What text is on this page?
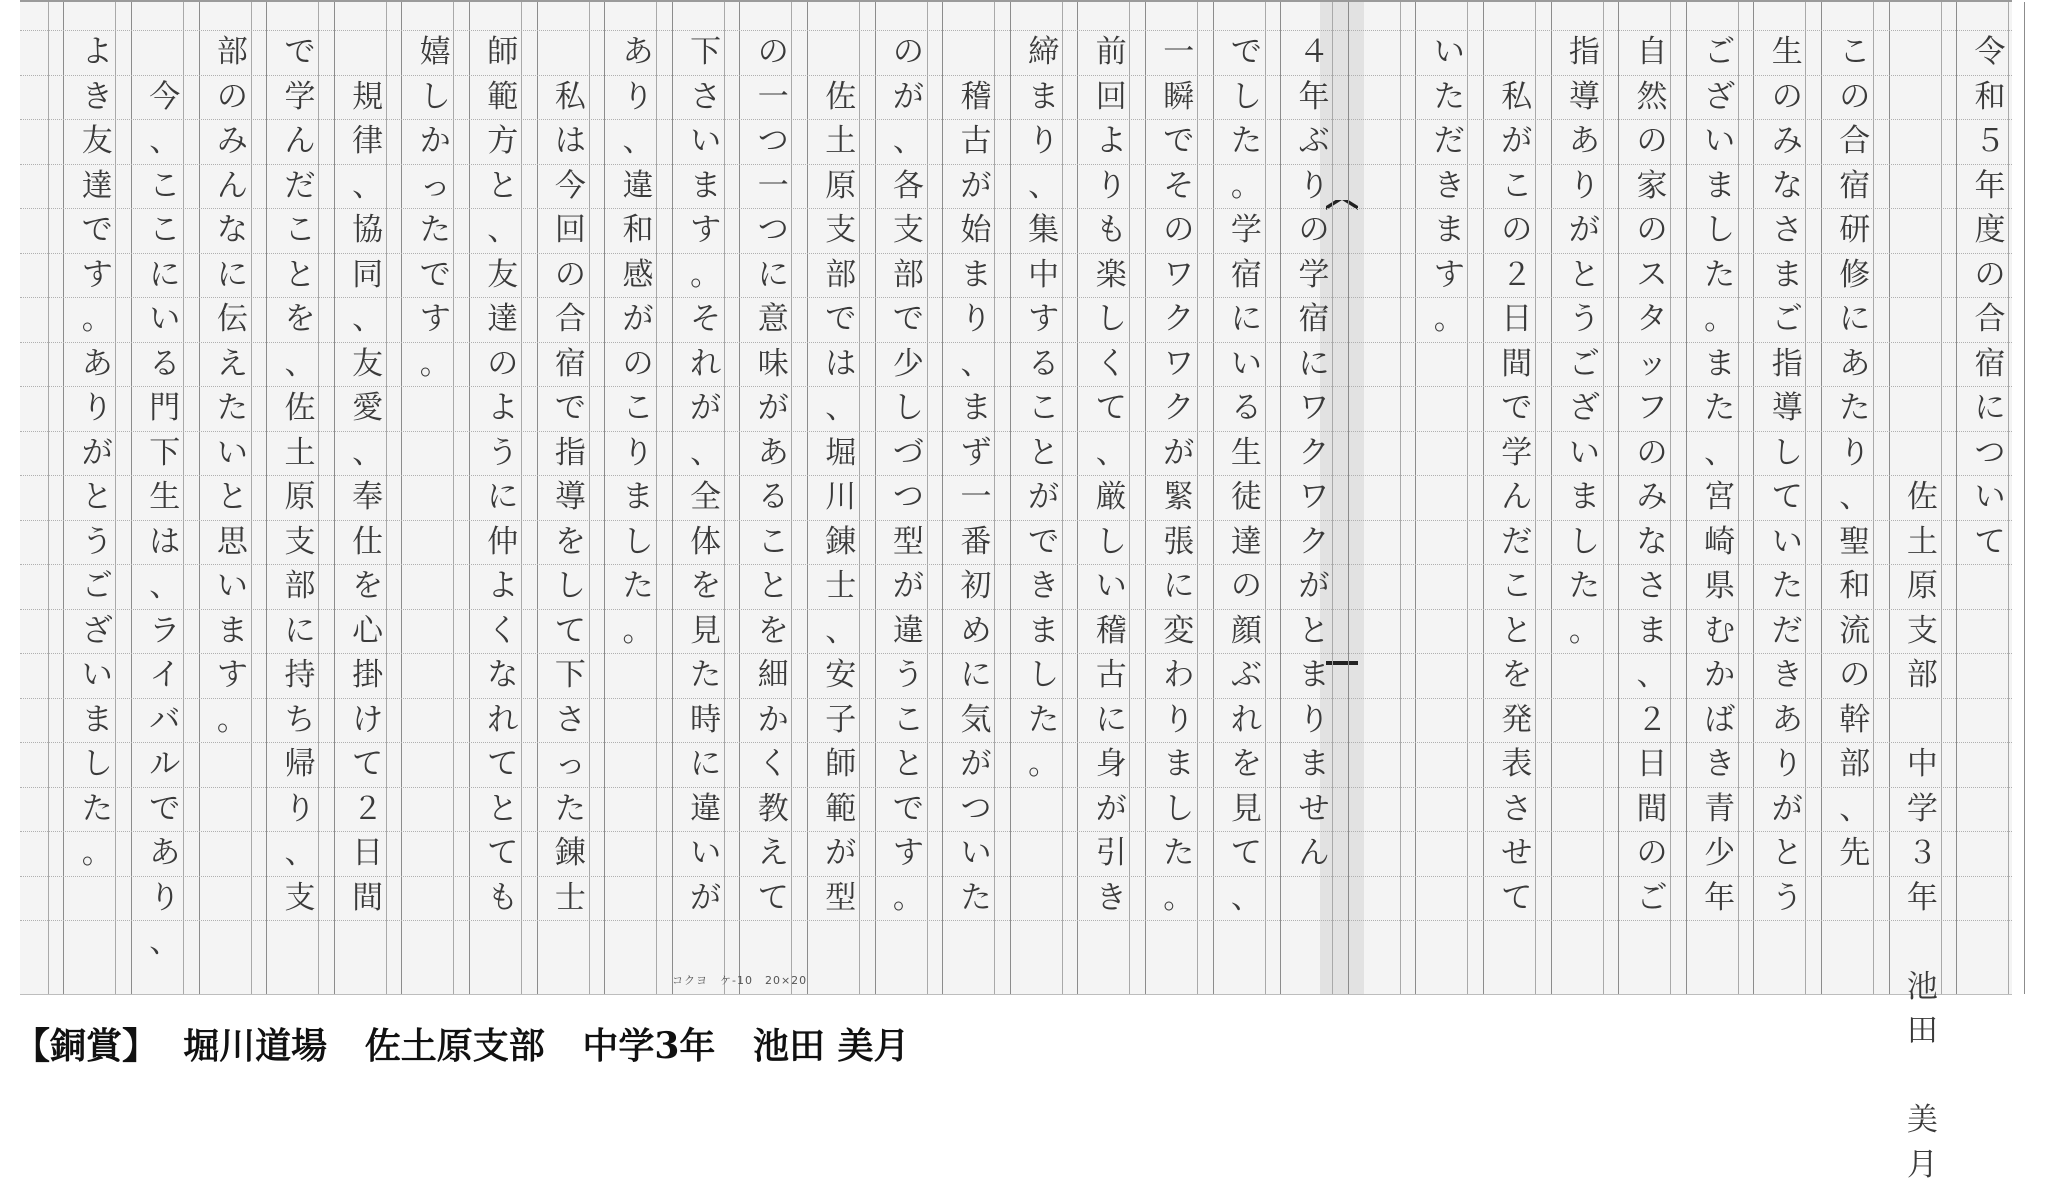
令
和
５
年
度
の
合
宿
に
つ
い
て
佐
土
原
支
部

中
学
３
年

池
田

美
月
こ
の
合
宿
研
修
に
あ
た
り
、
聖
和
流
の
幹
部
、
先
生
の
み
な
さ
ま
ご
指
導
し
て
い
た
だ
き
あ
り
が
と
う
ご
ざ
い
ま
し
た
。
ま
た
、
宮
崎
県
む
か
ば
き
青
少
年
自
然
の
家
の
ス
タ
ッ
フ
の
み
な
さ
ま
、
２
日
間
の
ご
指
導
あ
り
が
と
う
ご
ざ
い
ま
し
た
。
私
が
こ
の
２
日
間
で
学
ん
だ
こ
と
を
発
表
さ
せ
て
い
た
だ
き
ま
す
。
４
年
ぶ
り
の
学
宿
に
ワ
ク
ワ
ク
が
と
ま
り
ま
せ
ん
で
し
た
。
学
宿
に
い
る
生
徒
達
の
顔
ぶ
れ
を
見
て
、
一
瞬
で
そ
の
ワ
ク
ワ
ク
が
緊
張
に
変
わ
り
ま
し
た
。
前
回
よ
り
も
楽
し
く
て
、
厳
し
い
稽
古
に
身
が
引
き
締
ま
り
、
集
中
す
る
こ
と
が
で
き
ま
し
た
。
稽
古
が
始
ま
り
、
ま
ず
一
番
初
め
に
気
が
つ
い
た
の
が
、
各
支
部
で
少
し
づ
つ
型
が
違
う
こ
と
で
す
。
佐
土
原
支
部
で
は
、
堀
川
錬
士
、
安
子
師
範
が
型
の
一
つ
一
つ
に
意
味
が
あ
る
こ
と
を
細
か
く
教
え
て
下
さ
い
ま
す
。
そ
れ
が
、
全
体
を
見
た
時
に
違
い
が
あ
り
、
違
和
感
が
の
こ
り
ま
し
た
。
私
は
今
回
の
合
宿
で
指
導
を
し
て
下
さ
っ
た
錬
士
師
範
方
と
、
友
達
の
よ
う
に
仲
よ
く
な
れ
て
と
て
も
嬉
し
か
っ
た
で
す
。
規
律
、
協
同
、
友
愛
、
奉
仕
を
心
掛
け
て
２
日
間
で
学
ん
だ
こ
と
を
、
佐
土
原
支
部
に
持
ち
帰
り
、
支
部
の
み
ん
な
に
伝
え
た
い
と
思
い
ま
す
。
今
、
こ
こ
に
い
る
門
下
生
は
、
ラ
イ
バ
ル
で
あ
り
、
よ
き
友
達
で
す
。
あ
り
が
と
う
ご
ざ
い
ま
し
た
。
コクヨ　ケ-10　20×20
【銅賞】 堀川道場 佐土原支部 中学3年 池田 美月
